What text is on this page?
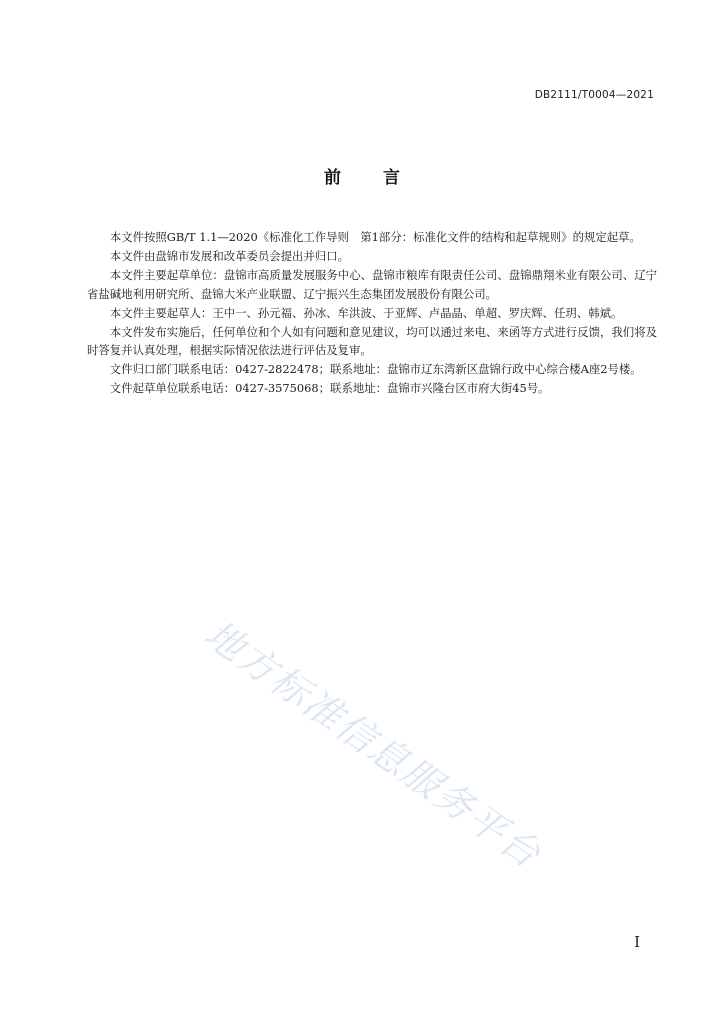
DB2111/T0004—2021
前言

本文件按照GB/T 1.1—2020《标准化工作导则　第1部分：标准化文件的结构和起草规则》的规定起草。

本文件由盘锦市发展和改革委员会提出并归口。

本文件主要起草单位：盘锦市高质量发展服务中心、盘锦市粮库有限责任公司、盘锦鼎翔米业有限公司、辽宁省盐碱地利用研究所、盘锦大米产业联盟、辽宁振兴生态集团发展股份有限公司。

本文件主要起草人：王中一、孙元福、孙冰、牟洪波、于亚辉、卢晶晶、单超、罗庆辉、任玥、韩斌。

本文件发布实施后，任何单位和个人如有问题和意见建议，均可以通过来电、来函等方式进行反馈，我们将及时答复并认真处理，根据实际情况依法进行评估及复审。

文件归口部门联系电话：0427-2822478；联系地址：盘锦市辽东湾新区盘锦行政中心综合楼A座2号楼。

文件起草单位联系电话：0427-3575068；联系地址：盘锦市兴隆台区市府大街45号。

地方标准信息服务平台
I
